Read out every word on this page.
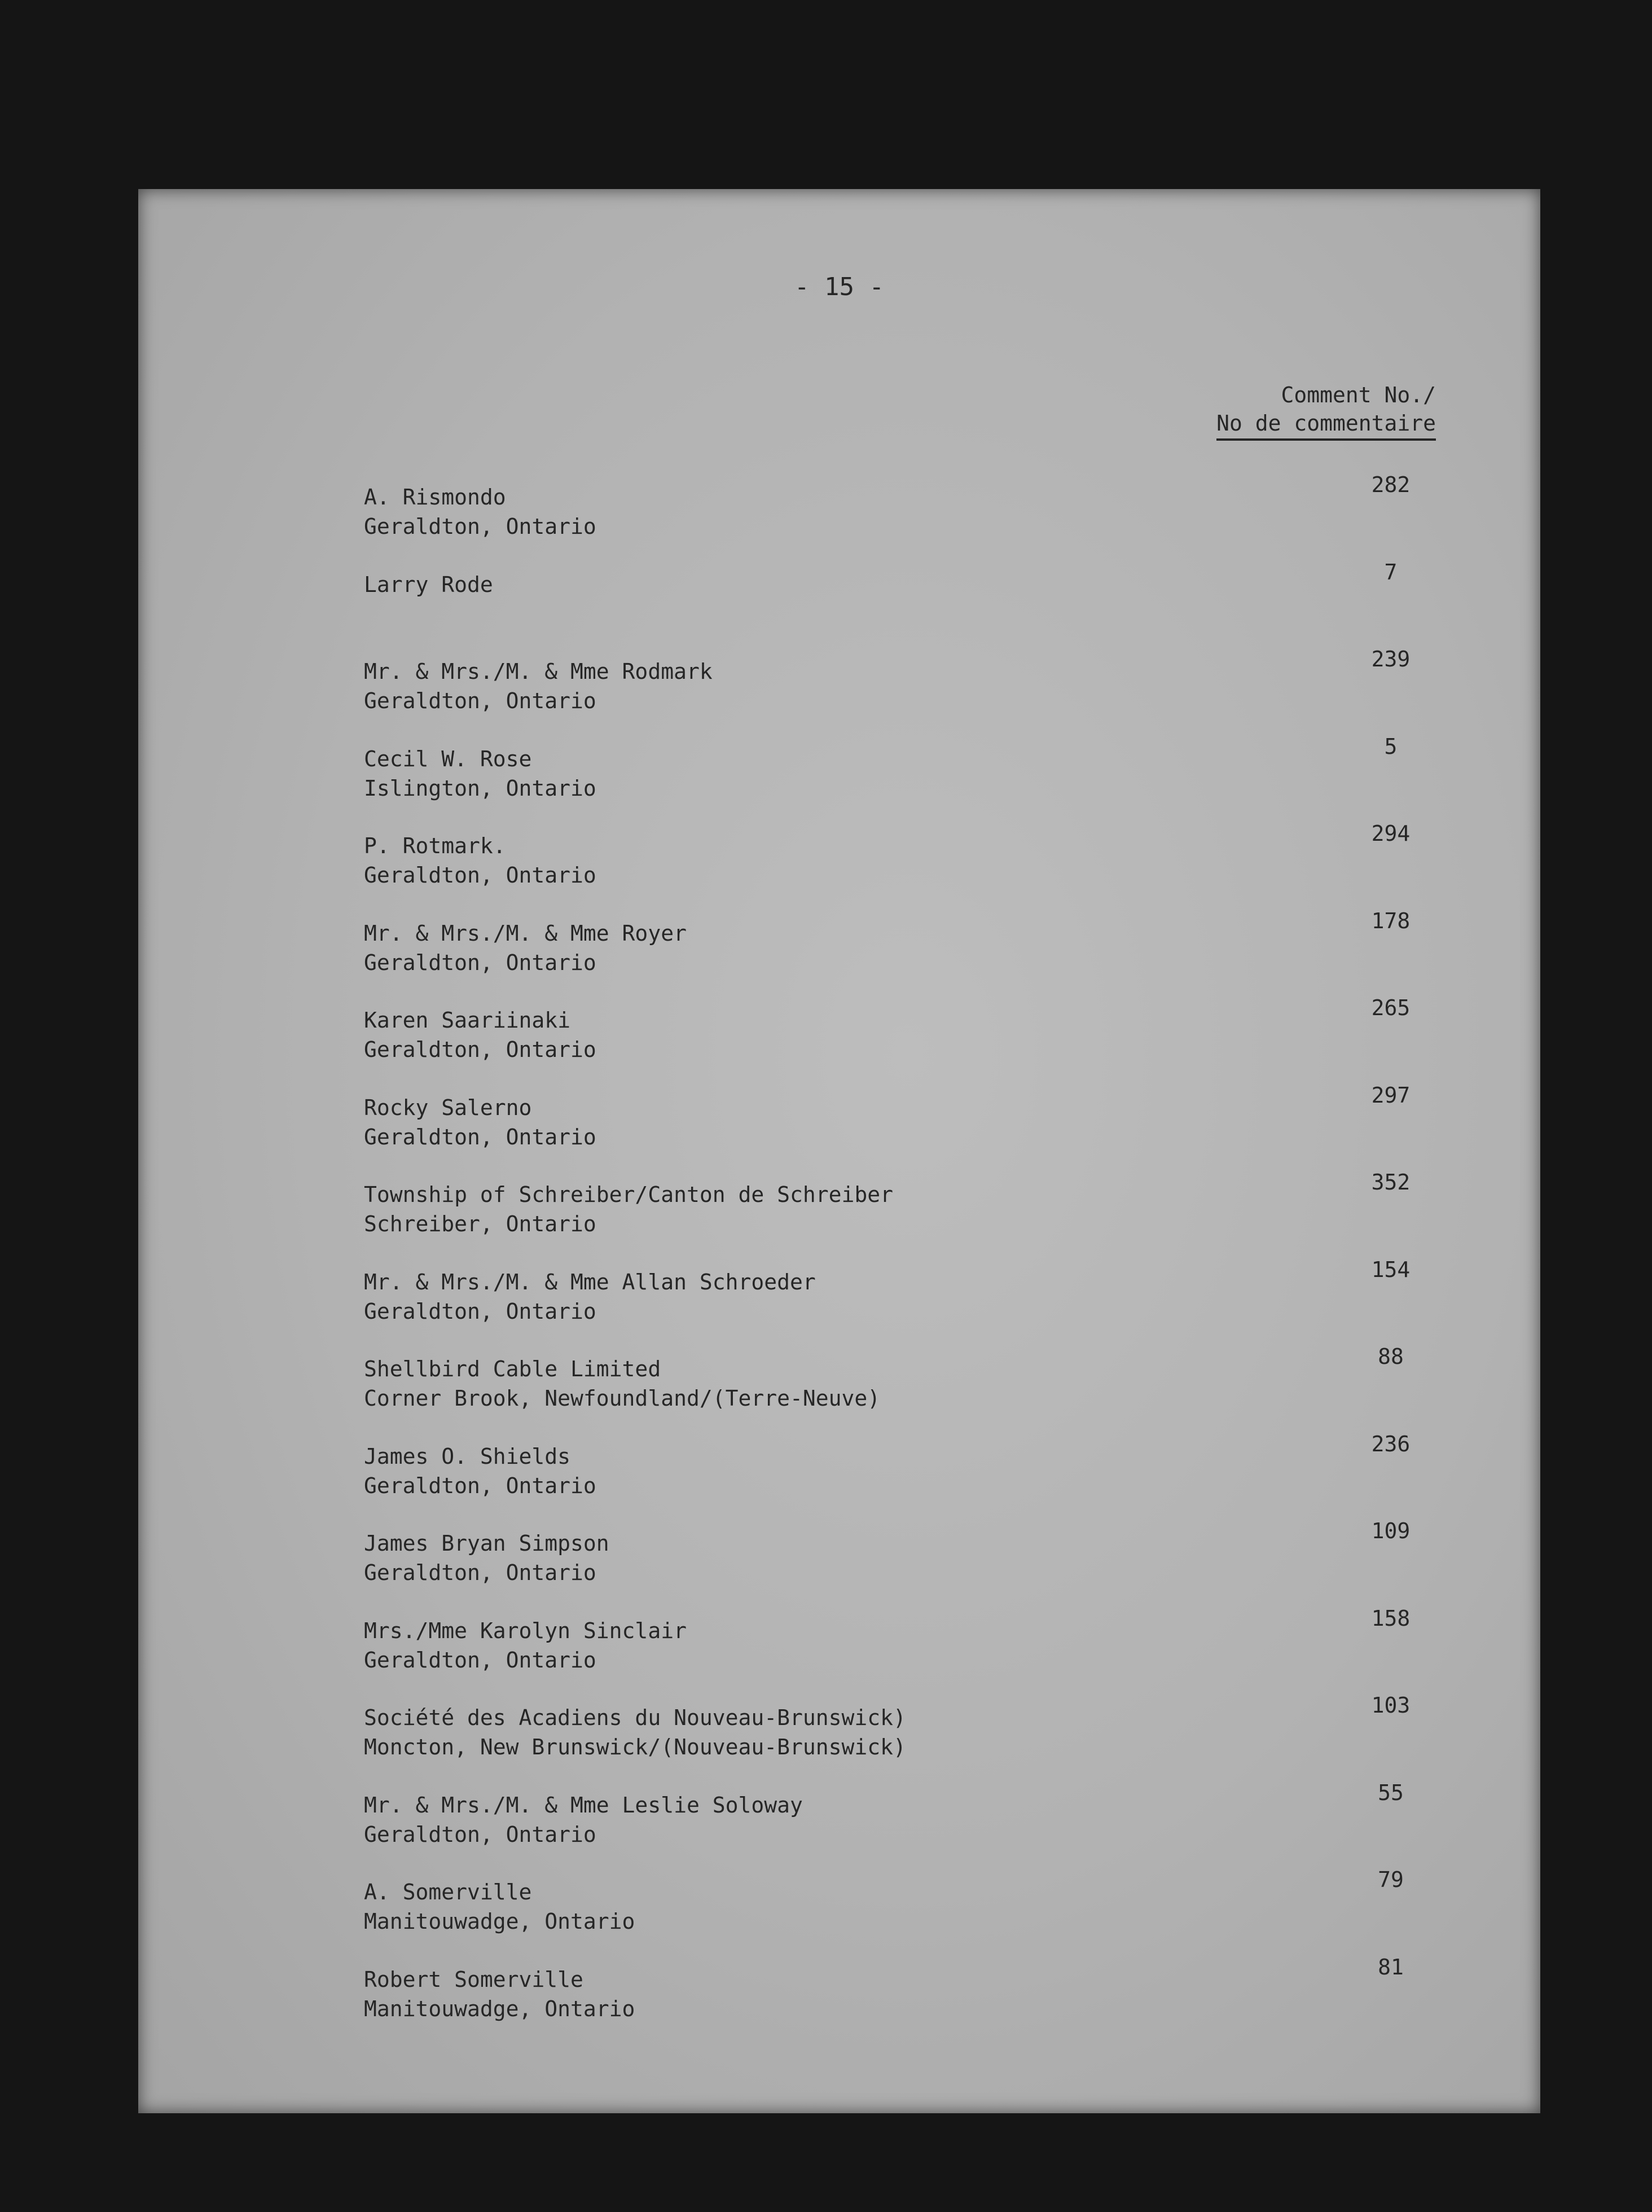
- 15 -
Comment No./
No de commentaire
A. Rismondo
Geraldton, Ontario
282
Larry Rode	7
Mr. & Mrs./M. & Mme Rodmark
Geraldton, Ontario
239
Cecil W. Rose
Islington, Ontario
5
P. Rotmark.
Geraldton, Ontario
294
Mr. & Mrs./M. & Mme Royer
Geraldton, Ontario
178
Karen Saariinaki
Geraldton, Ontario
265
Rocky Salerno
Geraldton, Ontario
297
Township of Schreiber/Canton de Schreiber
Schreiber, Ontario
352
Mr. & Mrs./M. & Mme Allan Schroeder
Geraldton, Ontario
154
Shellbird Cable Limited
Corner Brook, Newfoundland/(Terre-Neuve)
88
James O. Shields
Geraldton, Ontario
236
James Bryan Simpson
Geraldton, Ontario
109
Mrs./Mme Karolyn Sinclair
Geraldton, Ontario
158
Société des Acadiens du Nouveau-Brunswick)
Moncton, New Brunswick/(Nouveau-Brunswick)
103
Mr. & Mrs./M. & Mme Leslie Soloway
Geraldton, Ontario
55
A. Somerville
Manitouwadge, Ontario
79
Robert Somerville
Manitouwadge, Ontario
81
